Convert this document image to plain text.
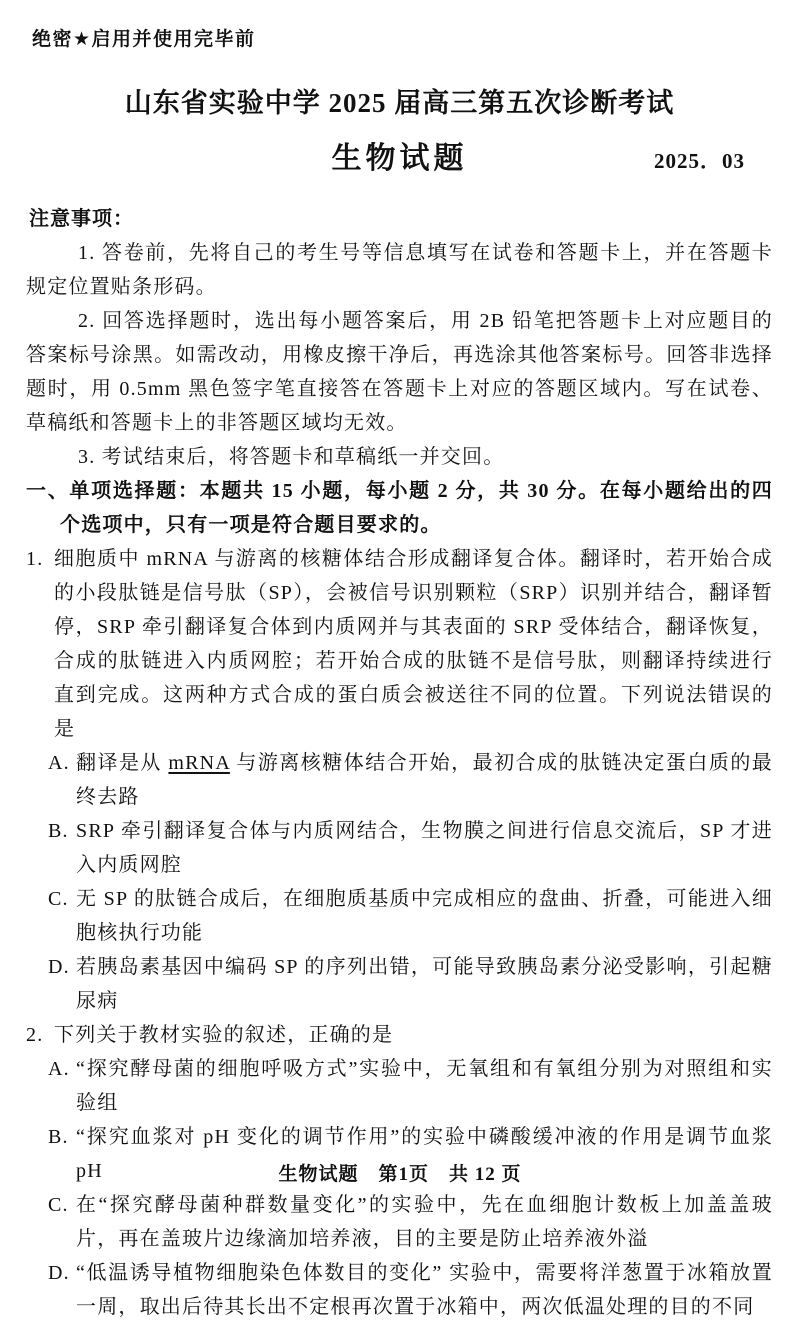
绝密★启用并使用完毕前
山东省实验中学 2025 届高三第五次诊断考试
生物试题	2025．03
注意事项：

1. 答卷前，先将自己的考生号等信息填写在试卷和答题卡上，并在答题卡规定位置贴条形码。

2. 回答选择题时，选出每小题答案后，用 2B 铅笔把答题卡上对应题目的答案标号涂黑。如需改动，用橡皮擦干净后，再选涂其他答案标号。回答非选择题时，用 0.5mm 黑色签字笔直接答在答题卡上对应的答题区域内。写在试卷、草稿纸和答题卡上的非答题区域均无效。

3. 考试结束后，将答题卡和草稿纸一并交回。

一、单项选择题：本题共 15 小题，每小题 2 分，共 30 分。在每小题给出的四个选项中，只有一项是符合题目要求的。

1. 细胞质中 mRNA 与游离的核糖体结合形成翻译复合体。翻译时，若开始合成的小段肽链是信号肽（SP），会被信号识别颗粒（SRP）识别并结合，翻译暂停，SRP 牵引翻译复合体到内质网并与其表面的 SRP 受体结合，翻译恢复，合成的肽链进入内质网腔；若开始合成的肽链不是信号肽，则翻译持续进行直到完成。这两种方式合成的蛋白质会被送往不同的位置。下列说法错误的是

A. 翻译是从 mRNA 与游离核糖体结合开始，最初合成的肽链决定蛋白质的最终去路

B. SRP 牵引翻译复合体与内质网结合，生物膜之间进行信息交流后，SP 才进入内质网腔

C. 无 SP 的肽链合成后，在细胞质基质中完成相应的盘曲、折叠，可能进入细胞核执行功能

D. 若胰岛素基因中编码 SP 的序列出错，可能导致胰岛素分泌受影响，引起糖尿病

2. 下列关于教材实验的叙述，正确的是

A. “探究酵母菌的细胞呼吸方式”实验中，无氧组和有氧组分别为对照组和实验组

B. “探究血浆对 pH 变化的调节作用”的实验中磷酸缓冲液的作用是调节血浆 pH

C. 在“探究酵母菌种群数量变化”的实验中，先在血细胞计数板上加盖盖玻片，再在盖玻片边缘滴加培养液，目的主要是防止培养液外溢

D. “低温诱导植物细胞染色体数目的变化” 实验中，需要将洋葱置于冰箱放置一周，取出后待其长出不定根再次置于冰箱中，两次低温处理的目的不同

生物试题　第1页　共 12 页
